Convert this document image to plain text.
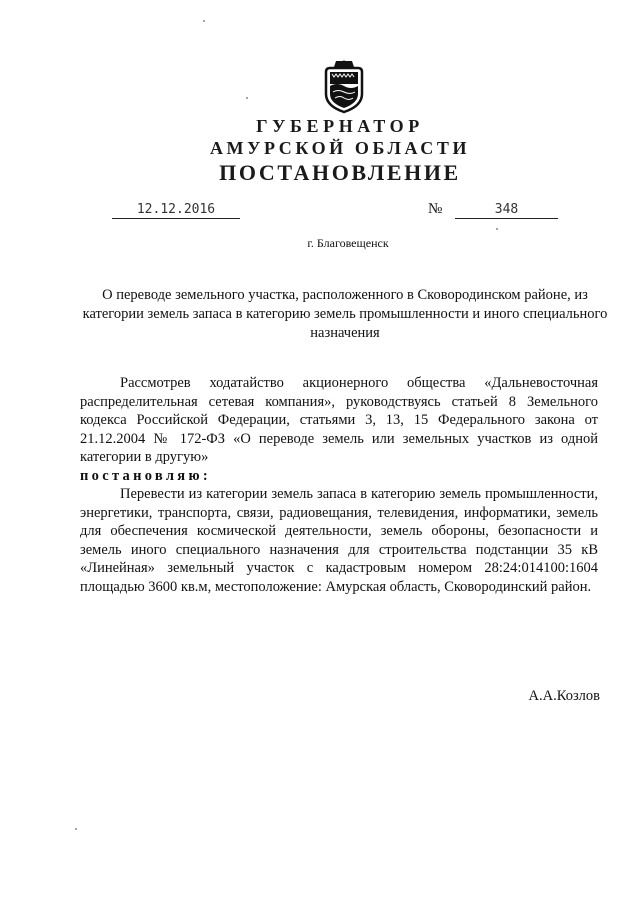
ГУБЕРНАТОР
АМУРСКОЙ ОБЛАСТИ
ПОСТАНОВЛЕНИЕ
12.12.2016	№	348
г. Благовещенск
О переводе земельного участка, расположенного в Сковородинском районе, из категории земель запаса в категорию земель промышленности и иного специального назначения

Рассмотрев ходатайство акционерного общества «Дальневосточная распределительная сетевая компания», руководствуясь статьей 8 Земельного кодекса Российской Федерации, статьями 3, 13, 15 Федерального закона от 21.12.2004 № 172-ФЗ «О переводе земель или земельных участков из одной категории в другую»

постановляю:

Перевести из категории земель запаса в категорию земель промышленности, энергетики, транспорта, связи, радиовещания, телевидения, информатики, земель для обеспечения космической деятельности, земель обороны, безопасности и земель иного специального назначения для строительства подстанции 35 кВ «Линейная» земельный участок с кадастровым номером 28:24:014100:1604 площадью 3600 кв.м, местоположение: Амурская область, Сковородинский район.

А.А.Козлов
